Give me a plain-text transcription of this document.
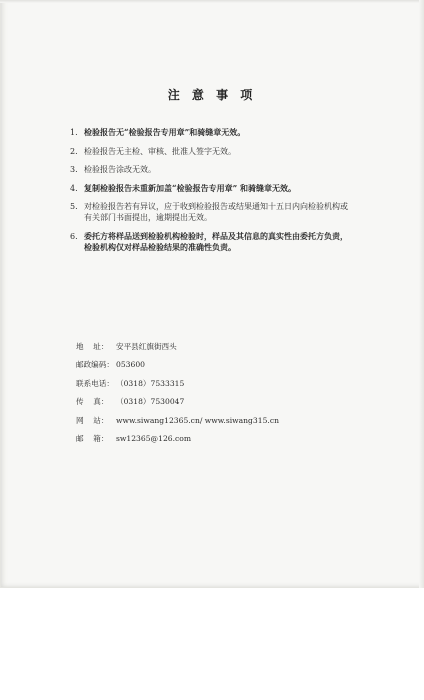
注 意 事 项
1. 检验报告无“检验报告专用章”和骑缝章无效。
2. 检验报告无主检、审核、批准人签字无效。
3. 检验报告涂改无效。
4. 复制检验报告未重新加盖“检验报告专用章” 和骑缝章无效。
5. 对检验报告若有异议，应于收到检验报告或结果通知十五日内向检验机构或
有关部门书面提出，逾期提出无效。
6. 委托方将样品送到检验机构检验时，样品及其信息的真实性由委托方负责，
检验机构仅对样品检验结果的准确性负责。
地    址： 安平县红旗街西头
邮政编码： 053600
联系电话： （0318）7533315
传    真： （0318）7530047
网    站： www.siwang12365.cn/ www.siwang315.cn
邮    箱： sw12365@126.com
